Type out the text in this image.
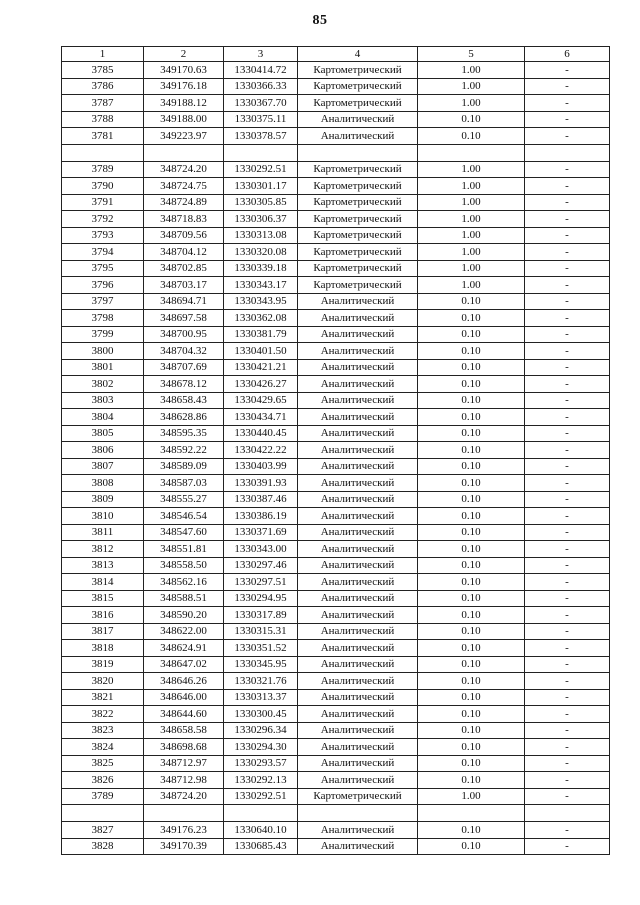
85
1	2	3	4	5	6
3785	349170.63	1330414.72	Картометрический	1.00	-
3786	349176.18	1330366.33	Картометрический	1.00	-
3787	349188.12	1330367.70	Картометрический	1.00	-
3788	349188.00	1330375.11	Аналитический	0.10	-
3781	349223.97	1330378.57	Аналитический	0.10	-

3789	348724.20	1330292.51	Картометрический	1.00	-
3790	348724.75	1330301.17	Картометрический	1.00	-
3791	348724.89	1330305.85	Картометрический	1.00	-
3792	348718.83	1330306.37	Картометрический	1.00	-
3793	348709.56	1330313.08	Картометрический	1.00	-
3794	348704.12	1330320.08	Картометрический	1.00	-
3795	348702.85	1330339.18	Картометрический	1.00	-
3796	348703.17	1330343.17	Картометрический	1.00	-
3797	348694.71	1330343.95	Аналитический	0.10	-
3798	348697.58	1330362.08	Аналитический	0.10	-
3799	348700.95	1330381.79	Аналитический	0.10	-
3800	348704.32	1330401.50	Аналитический	0.10	-
3801	348707.69	1330421.21	Аналитический	0.10	-
3802	348678.12	1330426.27	Аналитический	0.10	-
3803	348658.43	1330429.65	Аналитический	0.10	-
3804	348628.86	1330434.71	Аналитический	0.10	-
3805	348595.35	1330440.45	Аналитический	0.10	-
3806	348592.22	1330422.22	Аналитический	0.10	-
3807	348589.09	1330403.99	Аналитический	0.10	-
3808	348587.03	1330391.93	Аналитический	0.10	-
3809	348555.27	1330387.46	Аналитический	0.10	-
3810	348546.54	1330386.19	Аналитический	0.10	-
3811	348547.60	1330371.69	Аналитический	0.10	-
3812	348551.81	1330343.00	Аналитический	0.10	-
3813	348558.50	1330297.46	Аналитический	0.10	-
3814	348562.16	1330297.51	Аналитический	0.10	-
3815	348588.51	1330294.95	Аналитический	0.10	-
3816	348590.20	1330317.89	Аналитический	0.10	-
3817	348622.00	1330315.31	Аналитический	0.10	-
3818	348624.91	1330351.52	Аналитический	0.10	-
3819	348647.02	1330345.95	Аналитический	0.10	-
3820	348646.26	1330321.76	Аналитический	0.10	-
3821	348646.00	1330313.37	Аналитический	0.10	-
3822	348644.60	1330300.45	Аналитический	0.10	-
3823	348658.58	1330296.34	Аналитический	0.10	-
3824	348698.68	1330294.30	Аналитический	0.10	-
3825	348712.97	1330293.57	Аналитический	0.10	-
3826	348712.98	1330292.13	Аналитический	0.10	-
3789	348724.20	1330292.51	Картометрический	1.00	-

3827	349176.23	1330640.10	Аналитический	0.10	-
3828	349170.39	1330685.43	Аналитический	0.10	-
